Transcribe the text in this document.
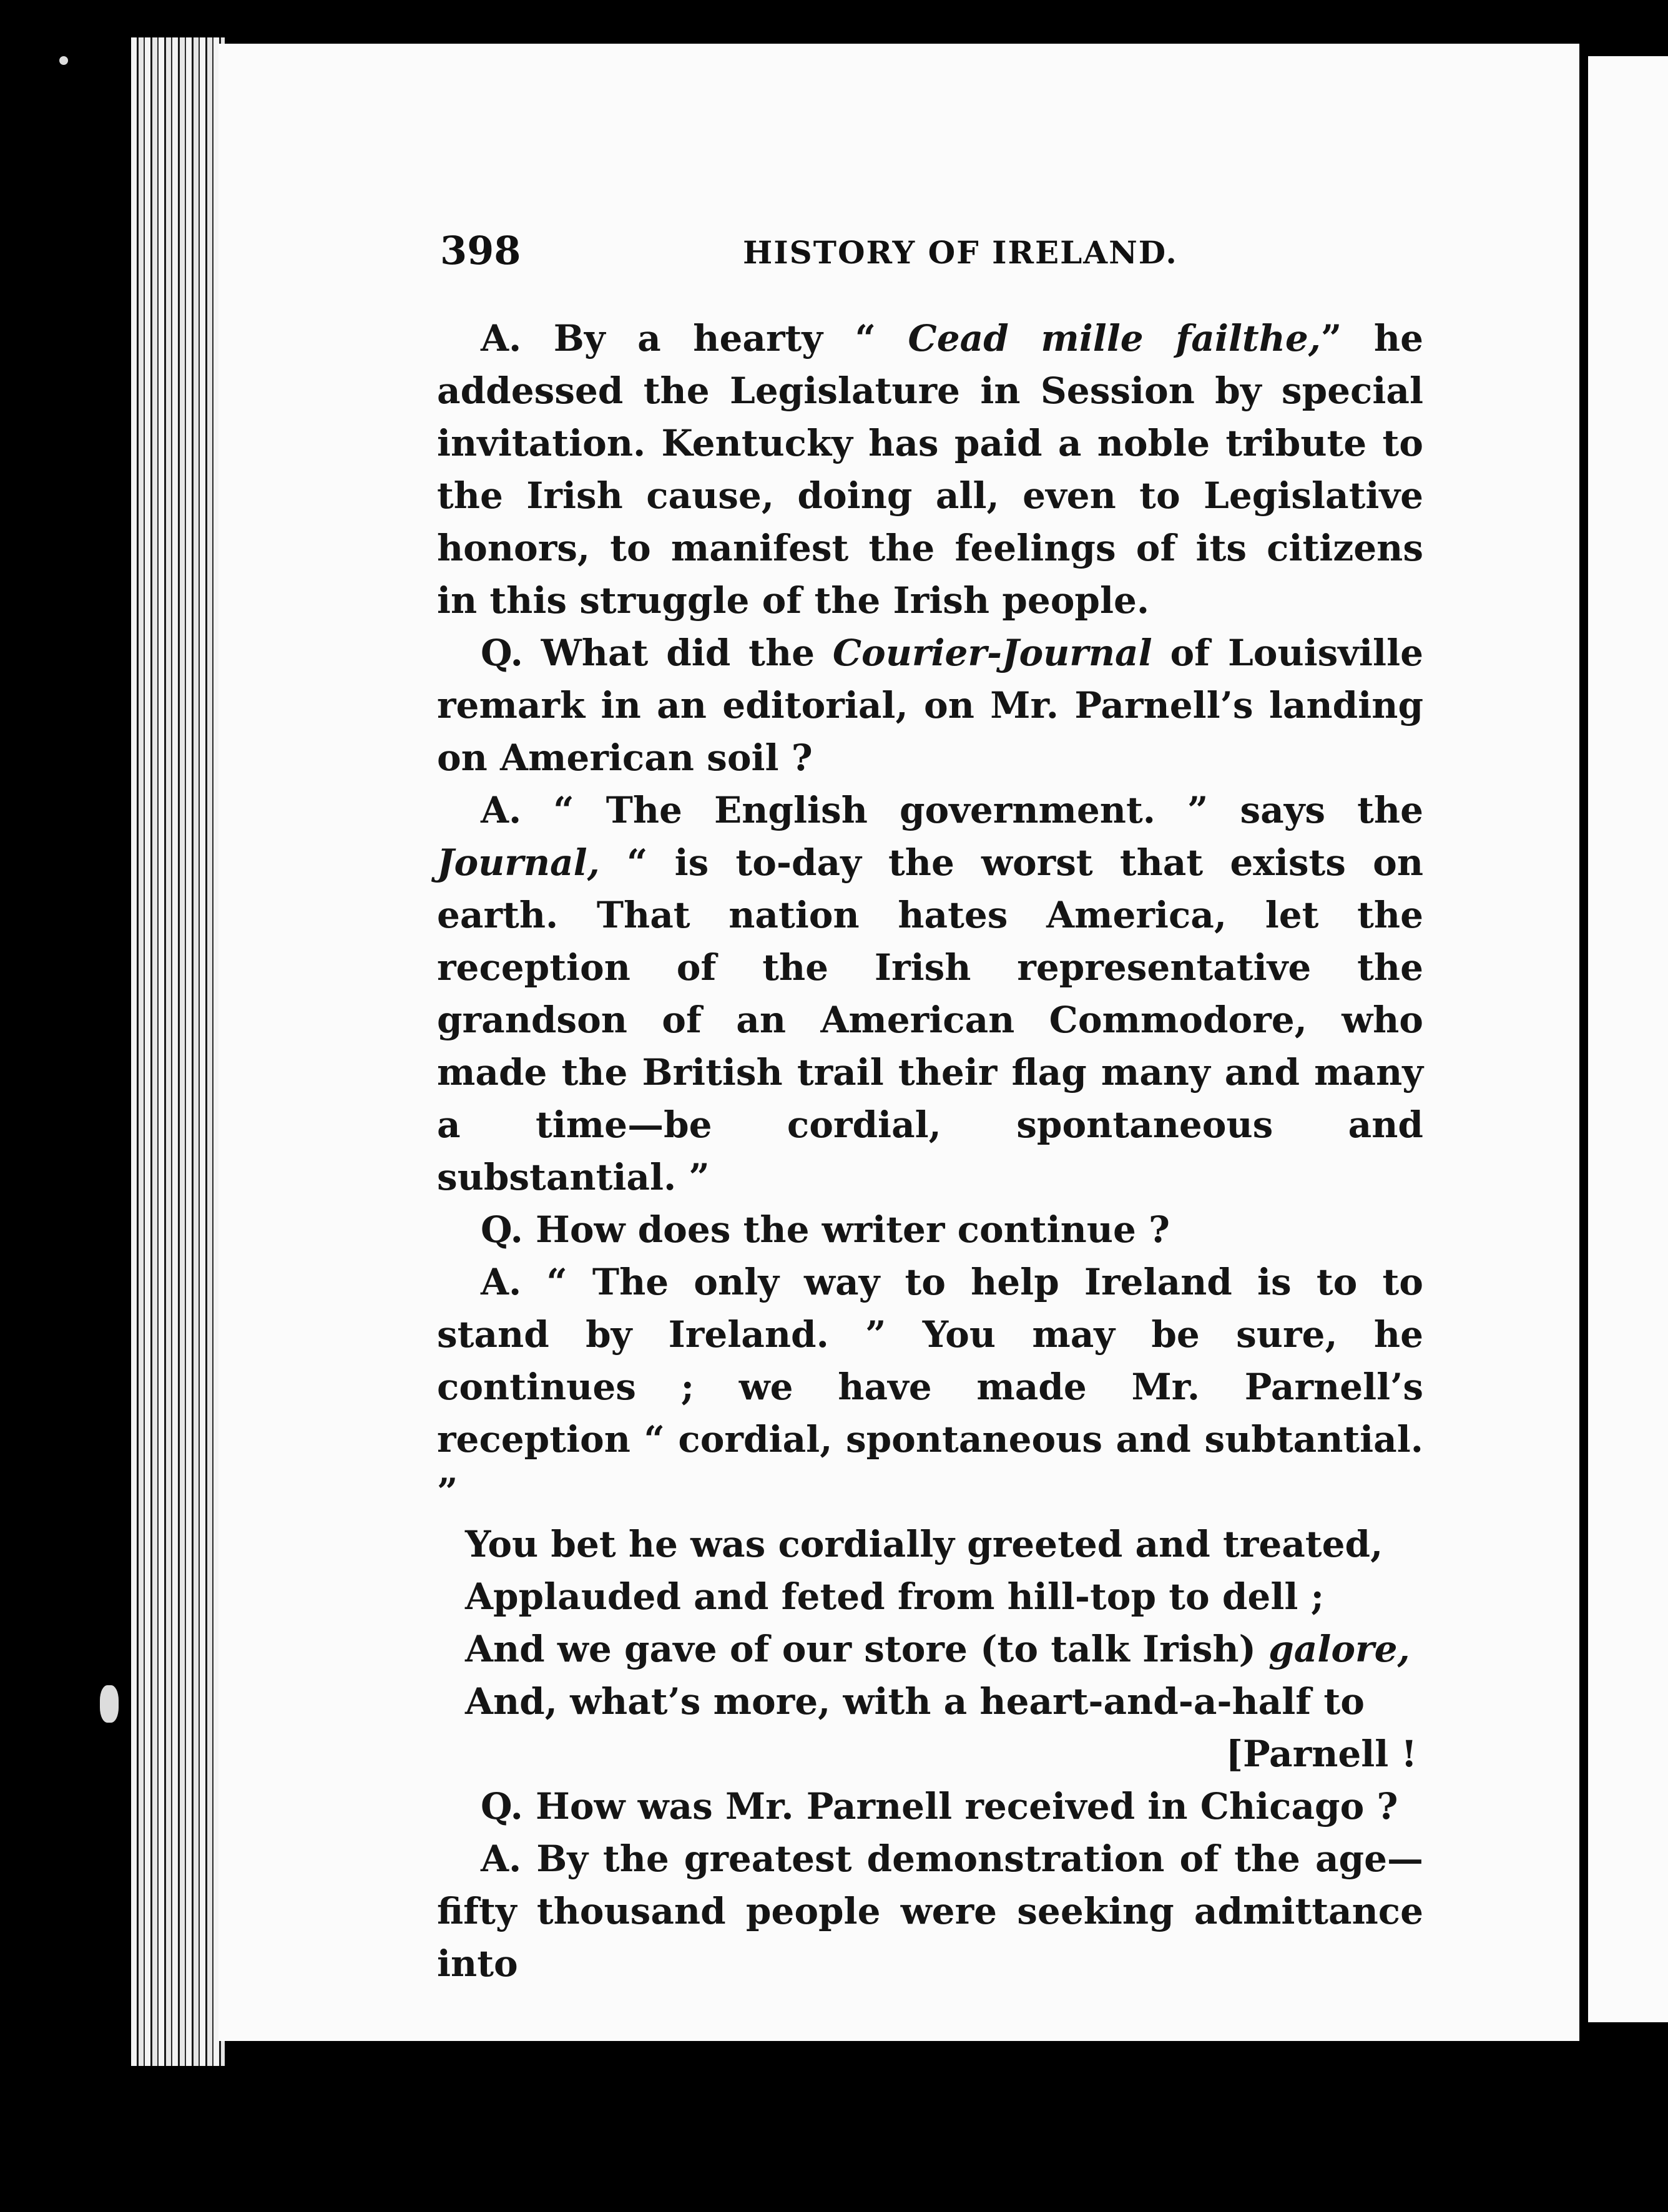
398	HISTORY OF IRELAND.

A. By a hearty “ Cead mille failthe,” he addessed the Legislature in Session by special invitation. Kentucky has paid a noble tribute to the Irish cause, doing all, even to Legislative honors, to manifest the feelings of its citizens in this struggle of the Irish people.

Q. What did the Courier-Journal of Louisville remark in an editorial, on Mr. Parnell’s landing on American soil ?

A. “ The English government. ” says the Journal, “ is to-day the worst that exists on earth. That nation hates America, let the reception of the Irish representative the grandson of an American Commodore, who made the British trail their flag many and many a time—be cordial, spontaneous and substantial. ”

Q. How does the writer continue ?

A. “ The only way to help Ireland is to to stand by Ireland. ” You may be sure, he continues ; we have made Mr. Parnell’s reception “ cordial, spontaneous and subtantial. ”

You bet he was cordially greeted and treated,
Applauded and feted from hill-top to dell ;
And we gave of our store (to talk Irish) galore,
And, what’s more, with a heart-and-a-half to
[Parnell !

Q. How was Mr. Parnell received in Chicago ?

A. By the greatest demonstration of the age— fifty thousand people were seeking admittance into
